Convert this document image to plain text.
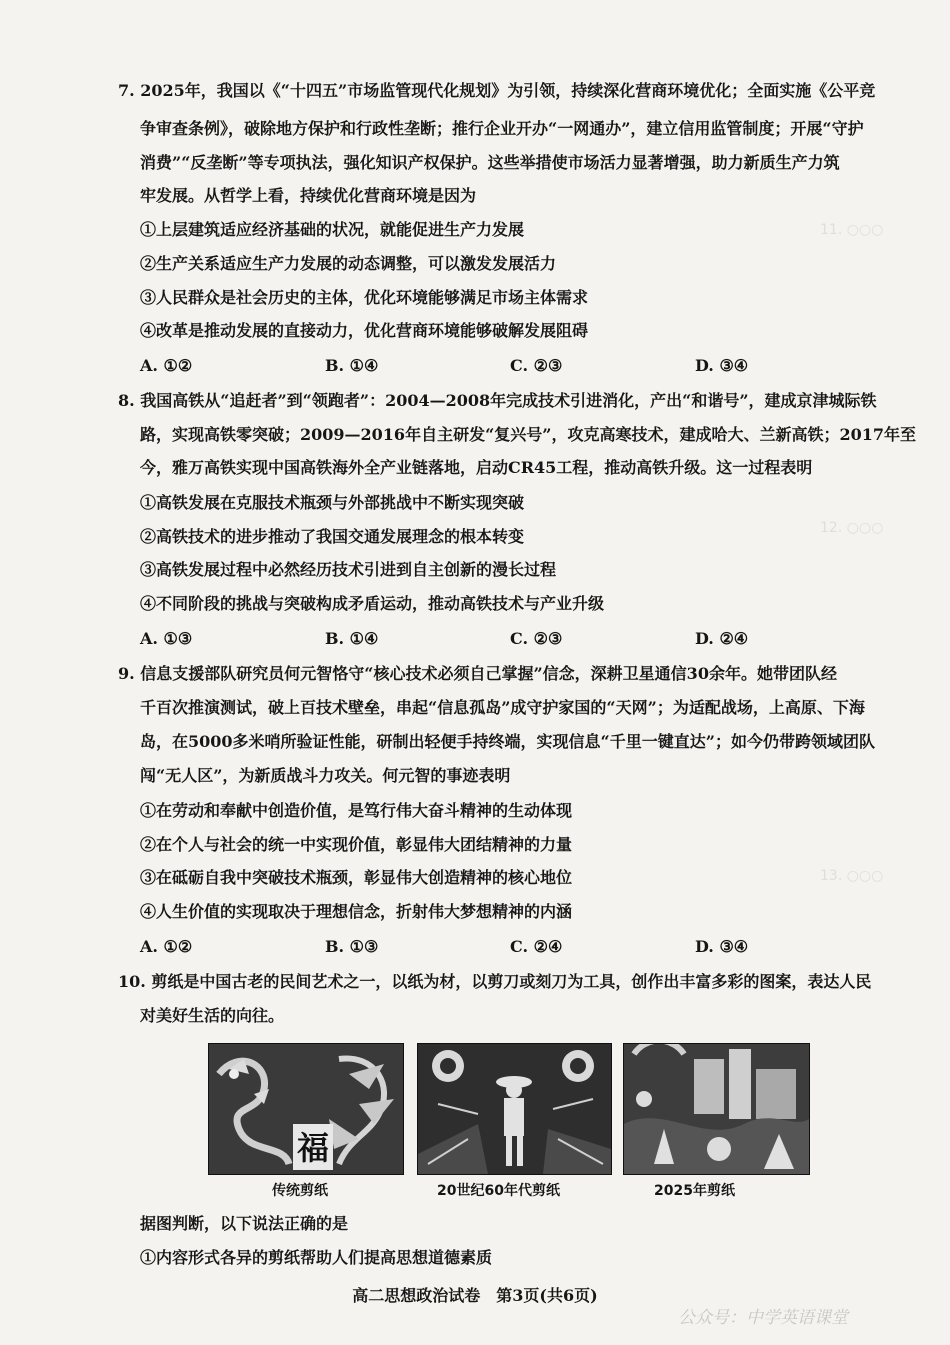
11. ○○○
12. ○○○
13. ○○○
7. 2025年，我国以《“十四五”市场监管现代化规划》为引领，持续深化营商环境优化；全面实施《公平竞
争审查条例》，破除地方保护和行政性垄断；推行企业开办“一网通办”，建立信用监管制度；开展“守护
消费”“反垄断”等专项执法，强化知识产权保护。这些举措使市场活力显著增强，助力新质生产力筑
牢发展。从哲学上看，持续优化营商环境是因为
①上层建筑适应经济基础的状况，就能促进生产力发展
②生产关系适应生产力发展的动态调整，可以激发发展活力
③人民群众是社会历史的主体，优化环境能够满足市场主体需求
④改革是推动发展的直接动力，优化营商环境能够破解发展阻碍
A. ①②	B. ①④	C. ②③	D. ③④
8. 我国高铁从“追赶者”到“领跑者”：2004—2008年完成技术引进消化，产出“和谐号”，建成京津城际铁
路，实现高铁零突破；2009—2016年自主研发“复兴号”，攻克高寒技术，建成哈大、兰新高铁；2017年至
今，雅万高铁实现中国高铁海外全产业链落地，启动CR45工程，推动高铁升级。这一过程表明
①高铁发展在克服技术瓶颈与外部挑战中不断实现突破
②高铁技术的进步推动了我国交通发展理念的根本转变
③高铁发展过程中必然经历技术引进到自主创新的漫长过程
④不同阶段的挑战与突破构成矛盾运动，推动高铁技术与产业升级
A. ①③	B. ①④	C. ②③	D. ②④
9. 信息支援部队研究员何元智恪守“核心技术必须自己掌握”信念，深耕卫星通信30余年。她带团队经
千百次推演测试，破上百技术壁垒，串起“信息孤岛”成守护家国的“天网”；为适配战场，上高原、下海
岛，在5000多米哨所验证性能，研制出轻便手持终端，实现信息“千里一键直达”；如今仍带跨领域团队
闯“无人区”，为新质战斗力攻关。何元智的事迹表明
①在劳动和奉献中创造价值，是笃行伟大奋斗精神的生动体现
②在个人与社会的统一中实现价值，彰显伟大团结精神的力量
③在砥砺自我中突破技术瓶颈，彰显伟大创造精神的核心地位
④人生价值的实现取决于理想信念，折射伟大梦想精神的内涵
A. ①②	B. ①③	C. ②④	D. ③④
10. 剪纸是中国古老的民间艺术之一，以纸为材，以剪刀或刻刀为工具，创作出丰富多彩的图案，表达人民
对美好生活的向往。
福
传统剪纸	20世纪60年代剪纸	2025年剪纸
据图判断，以下说法正确的是
①内容形式各异的剪纸帮助人们提高思想道德素质
高二思想政治试卷　第3页(共6页)
公众号：中学英语课堂
